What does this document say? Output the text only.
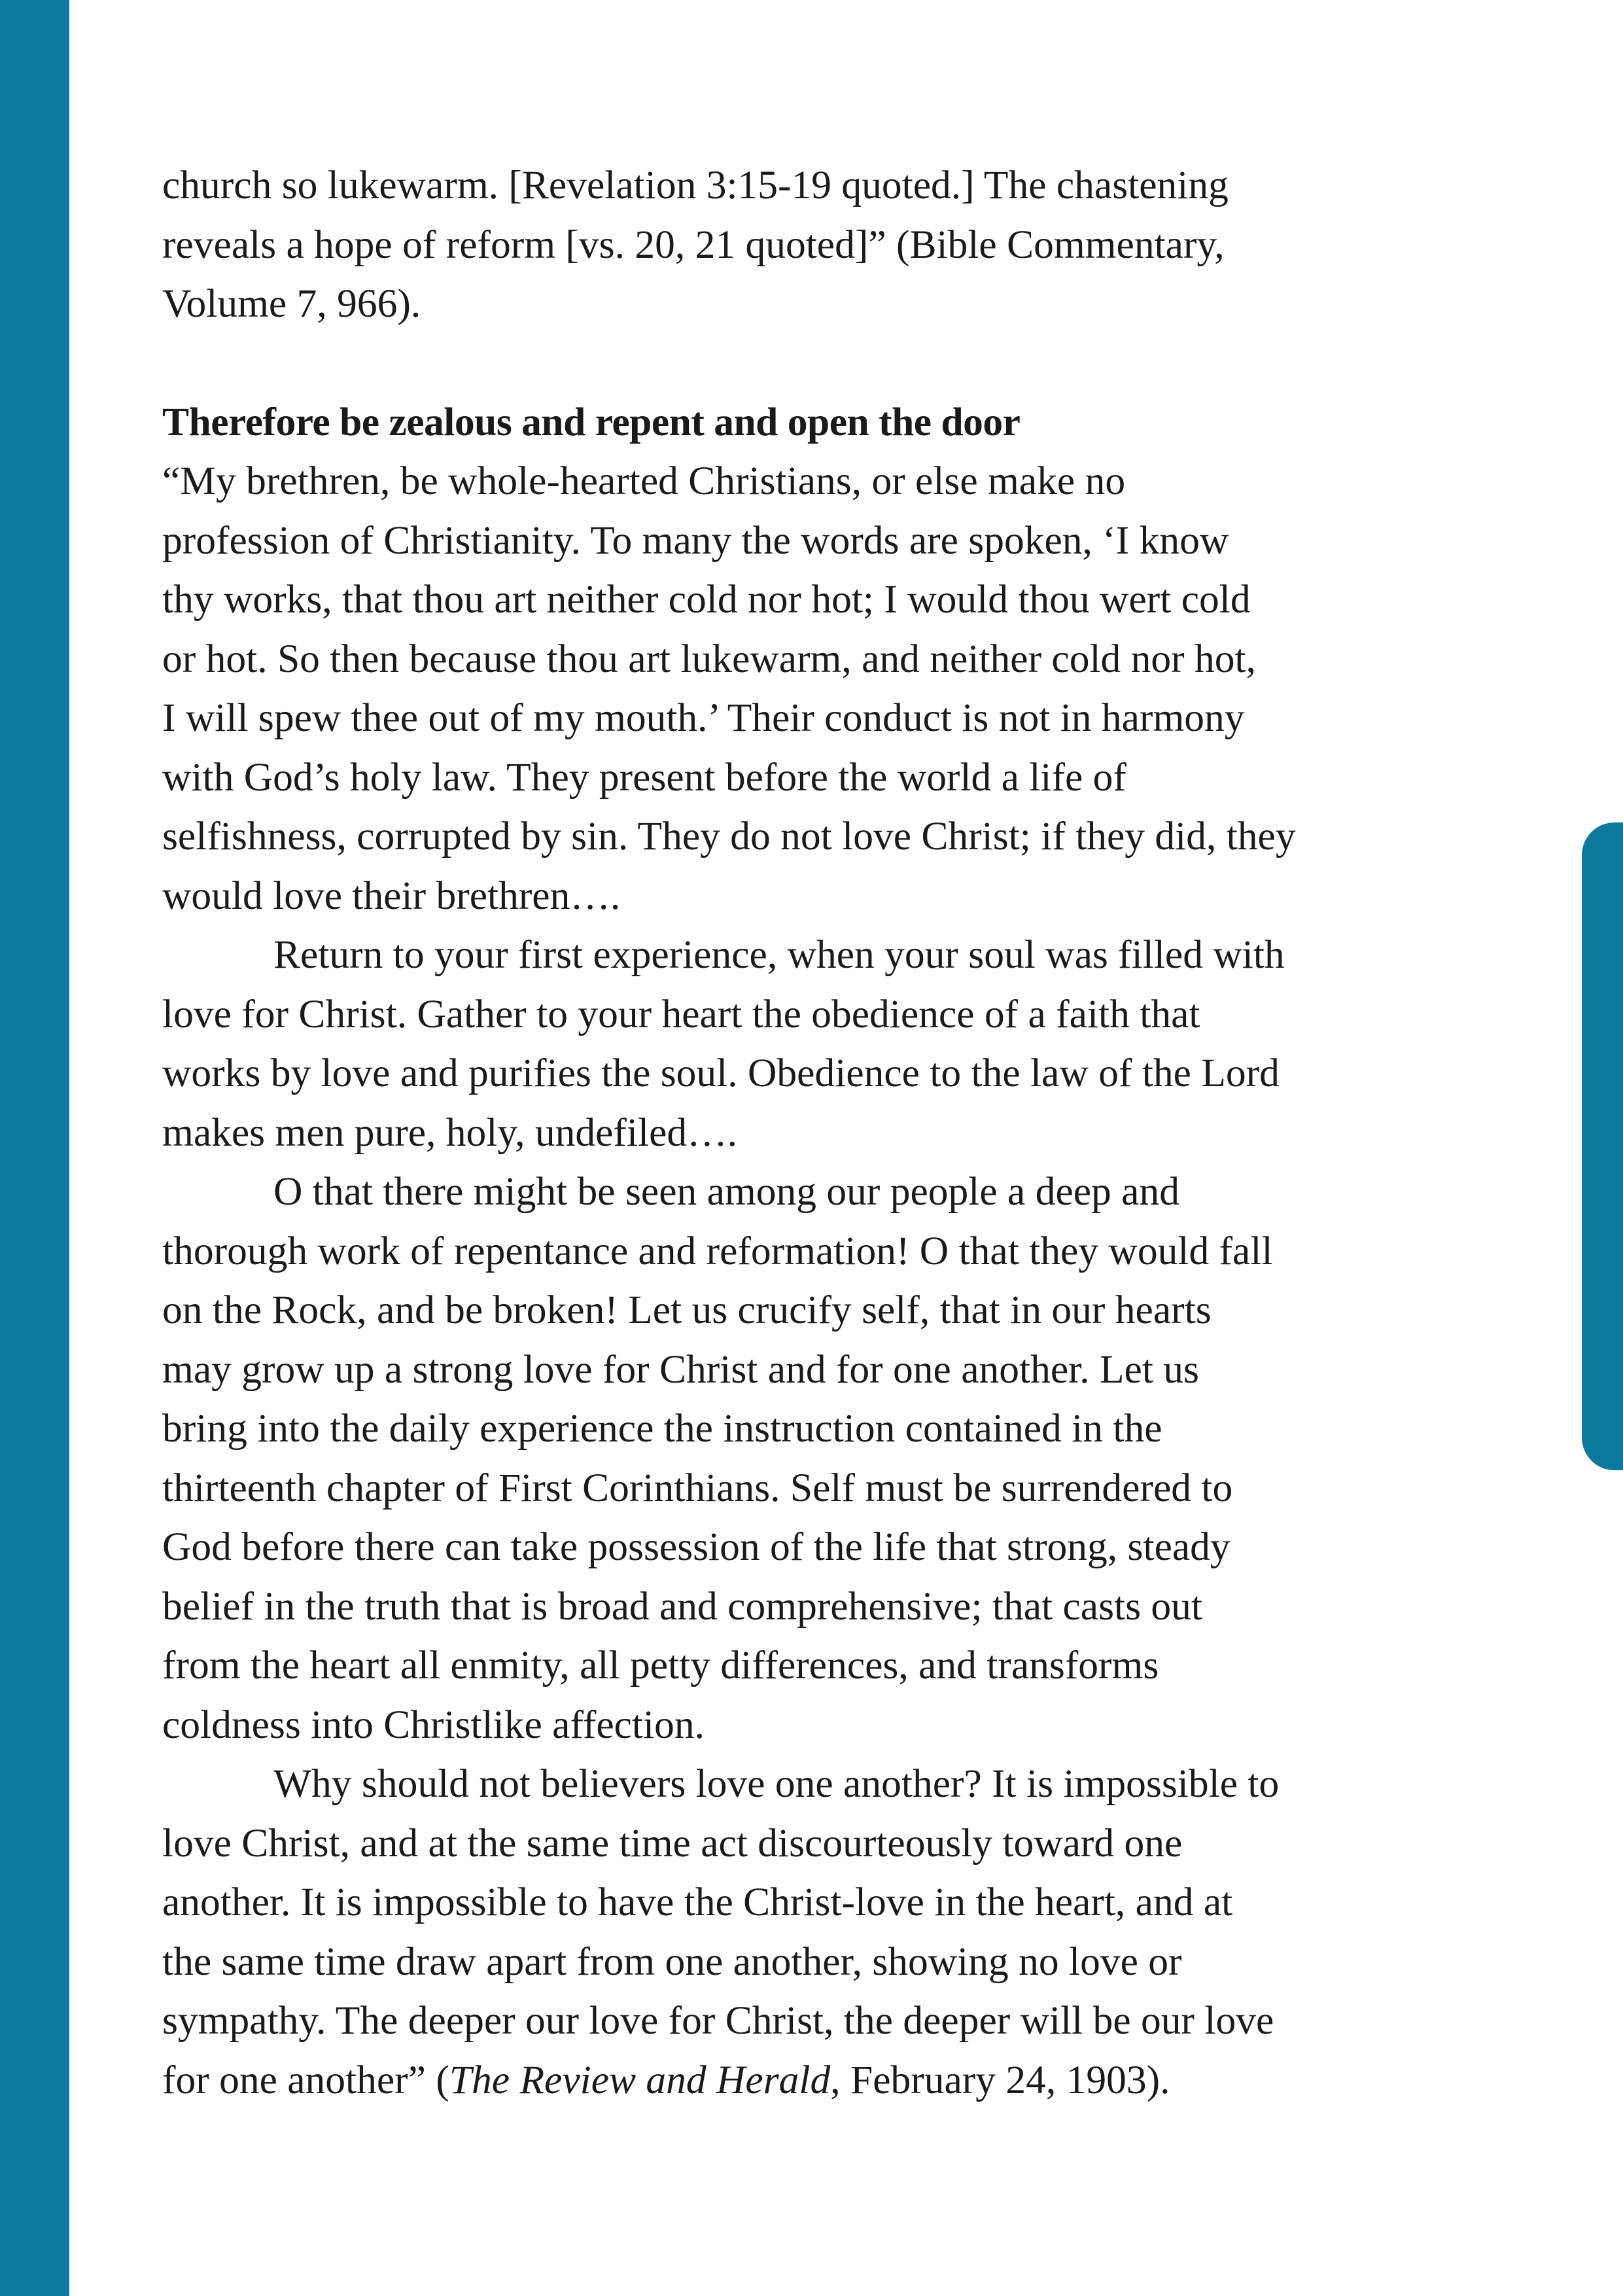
church so lukewarm. [Revelation 3:15-19 quoted.] The chastening
reveals a hope of reform [vs. 20, 21 quoted]” (Bible Commentary,
Volume 7, 966).

Therefore be zealous and repent and open the door

“My brethren, be whole-hearted Christians, or else make no
profession of Christianity. To many the words are spoken, ‘I know
thy works, that thou art neither cold nor hot; I would thou wert cold
or hot. So then because thou art lukewarm, and neither cold nor hot,
I will spew thee out of my mouth.’ Their conduct is not in harmony
with God’s holy law. They present before the world a life of
selfishness, corrupted by sin. They do not love Christ; if they did, they
would love their brethren….

Return to your first experience, when your soul was filled with
love for Christ. Gather to your heart the obedience of a faith that
works by love and purifies the soul. Obedience to the law of the Lord
makes men pure, holy, undefiled….

O that there might be seen among our people a deep and
thorough work of repentance and reformation! O that they would fall
on the Rock, and be broken! Let us crucify self, that in our hearts
may grow up a strong love for Christ and for one another. Let us
bring into the daily experience the instruction contained in the
thirteenth chapter of First Corinthians. Self must be surrendered to
God before there can take possession of the life that strong, steady
belief in the truth that is broad and comprehensive; that casts out
from the heart all enmity, all petty differences, and transforms
coldness into Christlike affection.

Why should not believers love one another? It is impossible to
love Christ, and at the same time act discourteously toward one
another. It is impossible to have the Christ-love in the heart, and at
the same time draw apart from one another, showing no love or
sympathy. The deeper our love for Christ, the deeper will be our love
for one another” (The Review and Herald, February 24, 1903).
